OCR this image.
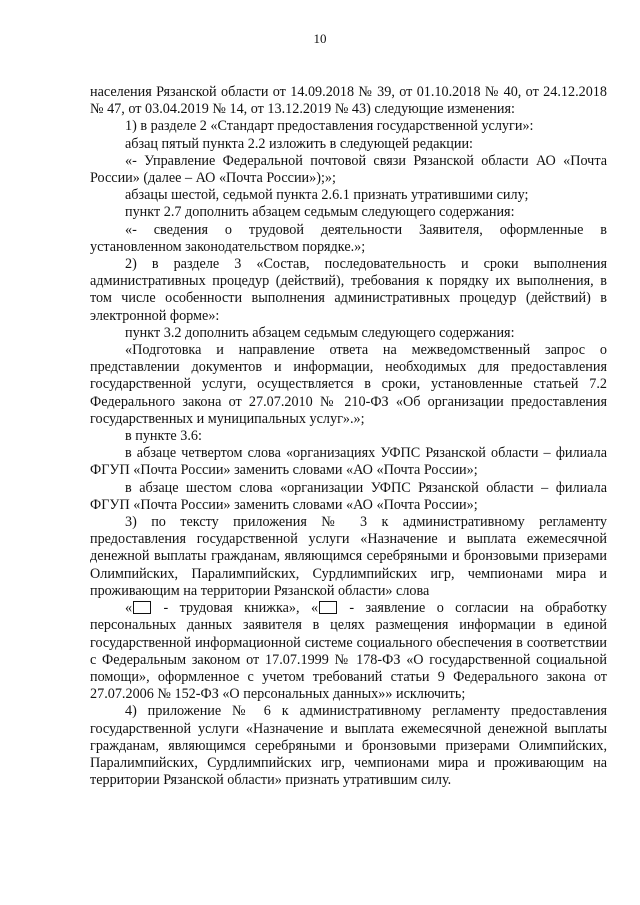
10

населения Рязанской области от 14.09.2018 № 39, от 01.10.2018 № 40, от 24.12.2018 № 47, от 03.04.2019 № 14, от 13.12.2019 № 43) следующие изменения:

1) в разделе 2 «Стандарт предоставления государственной услуги»:

абзац пятый пункта 2.2 изложить в следующей редакции:

«- Управление Федеральной почтовой связи Рязанской области АО «Почта России» (далее – АО «Почта России»);»;

абзацы шестой, седьмой пункта 2.6.1 признать утратившими силу;

пункт 2.7 дополнить абзацем седьмым следующего содержания:

«- сведения о трудовой деятельности Заявителя, оформленные в установленном законодательством порядке.»;

2) в разделе 3 «Состав, последовательность и сроки выполнения административных процедур (действий), требования к порядку их выполнения, в том числе особенности выполнения административных процедур (действий) в электронной форме»:

пункт 3.2 дополнить абзацем седьмым следующего содержания:

«Подготовка и направление ответа на межведомственный запрос о представлении документов и информации, необходимых для предоставления государственной услуги, осуществляется в сроки, установленные статьей 7.2 Федерального закона от 27.07.2010 № 210-ФЗ «Об организации предоставления государственных и муниципальных услуг».»;

в пункте 3.6:

в абзаце четвертом слова «организациях УФПС Рязанской области – филиала ФГУП «Почта России» заменить словами «АО «Почта России»;

в абзаце шестом слова «организации УФПС Рязанской области – филиала ФГУП «Почта России» заменить словами «АО «Почта России»;

3) по тексту приложения № 3 к административному регламенту предоставления государственной услуги «Назначение и выплата ежемесячной денежной выплаты гражданам, являющимся серебряными и бронзовыми призерами Олимпийских, Паралимпийских, Сурдлимпийских игр, чемпионами мира и проживающим на территории Рязанской области» слова

« - трудовая книжка», « - заявление о согласии на обработку персональных данных заявителя в целях размещения информации в единой государственной информационной системе социального обеспечения в соответствии с Федеральным законом от 17.07.1999 № 178-ФЗ «О государственной социальной помощи», оформленное с учетом требований статьи 9 Федерального закона от 27.07.2006 № 152-ФЗ «О персональных данных»» исключить;

4) приложение № 6 к административному регламенту предоставления государственной услуги «Назначение и выплата ежемесячной денежной выплаты гражданам, являющимся серебряными и бронзовыми призерами Олимпийских, Паралимпийских, Сурдлимпийских игр, чемпионами мира и проживающим на территории Рязанской области» признать утратившим силу.
